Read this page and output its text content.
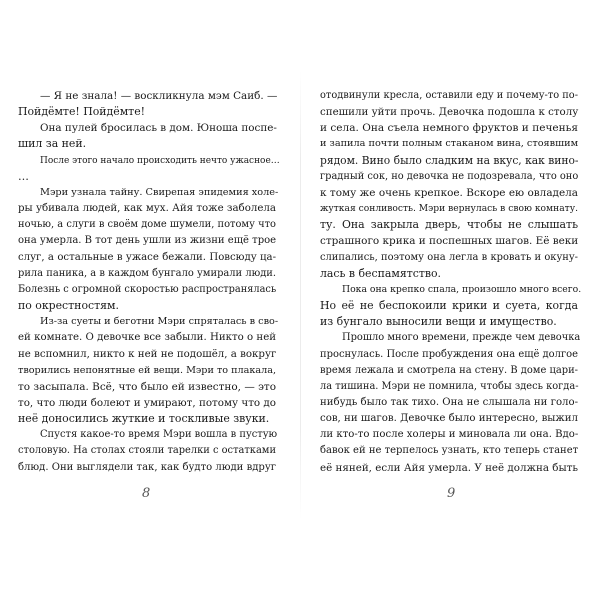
— Я не знала! — воскликнула мэм Саиб. —
Пойдёмте! Пойдёмте!
Она пулей бросилась в дом. Юноша поспе-
шил за ней.
После этого начало происходить нечто ужасное…
…
Мэри узнала тайну. Свирепая эпидемия холе-
ры убивала людей, как мух. Айя тоже заболела
ночью, а слуги в своём доме шумели, потому что
она умерла. В тот день ушли из жизни ещё трое
слуг, а остальные в ужасе бежали. Повсюду ца-
рила паника, а в каждом бунгало умирали люди.
Болезнь с огромной скоростью распространялась
по окрестностям.
Из-за суеты и беготни Мэри спряталась в сво-
ей комнате. О девочке все забыли. Никто о ней
не вспомнил, никто к ней не подошёл, а вокруг
творились непонятные ей вещи. Мэри то плакала,
то засыпала. Всё, что было ей известно, — это
то, что люди болеют и умирают, потому что до
неё доносились жуткие и тоскливые звуки.
Спустя какое-то время Мэри вошла в пустую
столовую. На столах стояли тарелки с остатками
блюд. Они выглядели так, как будто люди вдруг
8
отодвинули кресла, оставили еду и почему-то по-
спешили уйти прочь. Девочка подошла к столу
и села. Она съела немного фруктов и печенья
и запила почти полным стаканом вина, стоявшим
рядом. Вино было сладким на вкус, как вино-
градный сок, но девочка не подозревала, что оно
к тому же очень крепкое. Вскоре ею овладела
жуткая сонливость. Мэри вернулась в свою комнату.
ту. Она закрыла дверь, чтобы не слышать
страшного крика и поспешных шагов. Её веки
слипались, поэтому она легла в кровать и окуну-
лась в беспамятство.
Пока она крепко спала, произошло много всего.
Но её не беспокоили крики и суета, когда
из бунгало выносили вещи и имущество.
Прошло много времени, прежде чем девочка
проснулась. После пробуждения она ещё долгое
время лежала и смотрела на стену. В доме цари-
ла тишина. Мэри не помнила, чтобы здесь когда-
нибудь было так тихо. Она не слышала ни голо-
сов, ни шагов. Девочке было интересно, выжил
ли кто-то после холеры и миновала ли она. Вдо-
бавок ей не терпелось узнать, кто теперь станет
её няней, если Айя умерла. У неё должна быть
9
